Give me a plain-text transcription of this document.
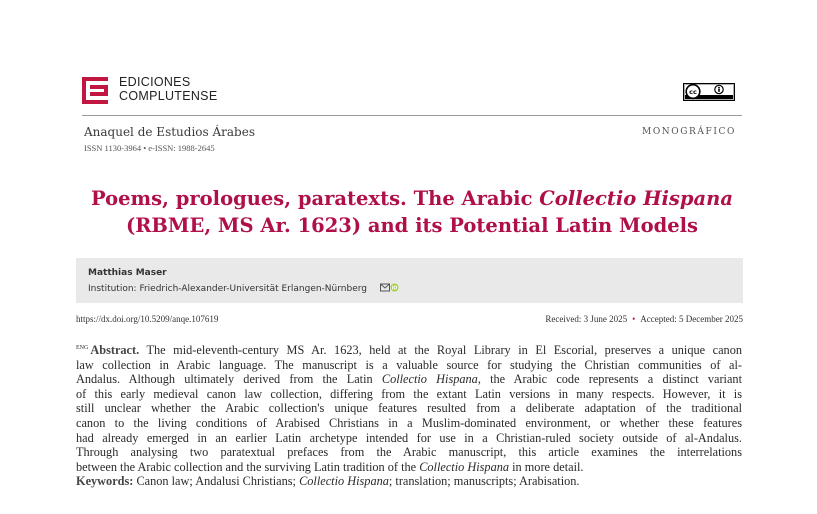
EDICIONES
COMPLUTENSE	cc
Anaquel de Estudios Árabes
ISSN 1130-3964 • e-ISSN: 1988-2645
MONOGRÁFICO
Poems, prologues, paratexts. The Arabic Collectio Hispana
(RBME, MS Ar. 1623) and its Potential Latin Models
Matthias Maser
Institution: Friedrich-Alexander-Universität Erlangen-Nürnberg	iD
https://dx.doi.org/10.5209/anqe.107619	Received: 3 June 2025 • Accepted: 5 December 2025
$^{ENG}$ Abstract. The mid-eleventh-century MS Ar. 1623, held at the Royal Library in El Escorial, preserves a unique canon
law collection in Arabic language. The manuscript is a valuable source for studying the Christian communities of al-
Andalus. Although ultimately derived from the Latin Collectio Hispana, the Arabic code represents a distinct variant
of this early medieval canon law collection, differing from the extant Latin versions in many respects. However, it is
still unclear whether the Arabic collection's unique features resulted from a deliberate adaptation of the traditional
canon to the living conditions of Arabised Christians in a Muslim-dominated environment, or whether these features
had already emerged in an earlier Latin archetype intended for use in a Christian-ruled society outside of al-Andalus.
Through analysing two paratextual prefaces from the Arabic manuscript, this article examines the interrelations
between the Arabic collection and the surviving Latin tradition of the Collectio Hispana in more detail.
Keywords: Canon law; Andalusi Christians; Collectio Hispana; translation; manuscripts; Arabisation.
